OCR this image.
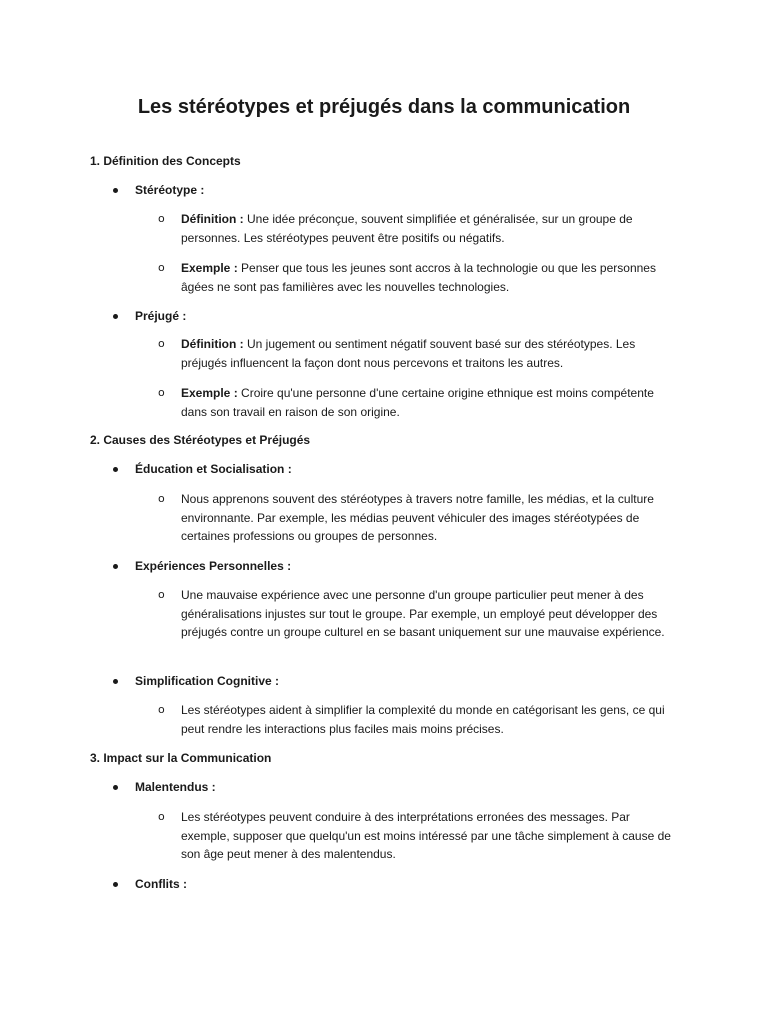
Les stéréotypes et préjugés dans la communication
1. Définition des Concepts
Stéréotype :
o Définition : Une idée préconçue, souvent simplifiée et généralisée, sur un groupe de personnes. Les stéréotypes peuvent être positifs ou négatifs.
o Exemple : Penser que tous les jeunes sont accros à la technologie ou que les personnes âgées ne sont pas familières avec les nouvelles technologies.
Préjugé :
o Définition : Un jugement ou sentiment négatif souvent basé sur des stéréotypes. Les préjugés influencent la façon dont nous percevons et traitons les autres.
o Exemple : Croire qu'une personne d'une certaine origine ethnique est moins compétente dans son travail en raison de son origine.
2. Causes des Stéréotypes et Préjugés
Éducation et Socialisation :
o Nous apprenons souvent des stéréotypes à travers notre famille, les médias, et la culture environnante. Par exemple, les médias peuvent véhiculer des images stéréotypées de certaines professions ou groupes de personnes.
Expériences Personnelles :
o Une mauvaise expérience avec une personne d'un groupe particulier peut mener à des généralisations injustes sur tout le groupe. Par exemple, un employé peut développer des préjugés contre un groupe culturel en se basant uniquement sur une mauvaise expérience.
Simplification Cognitive :
o Les stéréotypes aident à simplifier la complexité du monde en catégorisant les gens, ce qui peut rendre les interactions plus faciles mais moins précises.
3. Impact sur la Communication
Malentendus :
o Les stéréotypes peuvent conduire à des interprétations erronées des messages. Par exemple, supposer que quelqu'un est moins intéressé par une tâche simplement à cause de son âge peut mener à des malentendus.
Conflits :
